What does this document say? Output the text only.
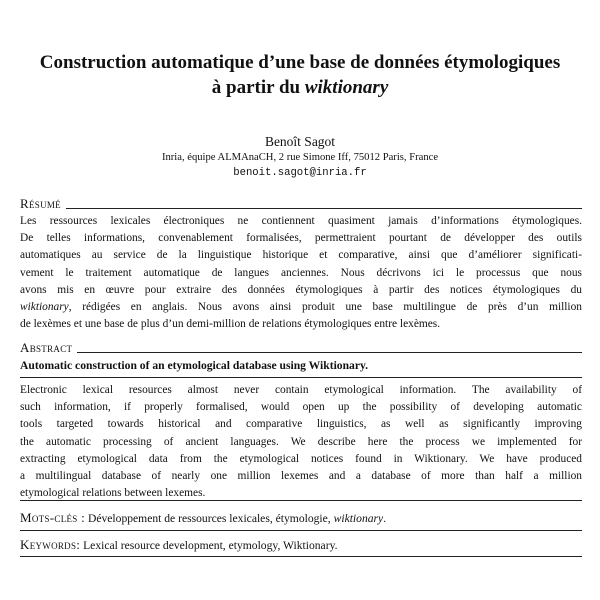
Construction automatique d’une base de données étymologiques
à partir du wiktionary
Benoît Sagot
Inria, équipe ALMAnaCH, 2 rue Simone Iff, 75012 Paris, France
benoit.sagot@inria.fr
Résumé
Les ressources lexicales électroniques ne contiennent quasiment jamais d’informations étymologiques.
De telles informations, convenablement formalisées, permettraient pourtant de développer des outils
automatiques au service de la linguistique historique et comparative, ainsi que d’améliorer significati-
vement le traitement automatique de langues anciennes. Nous décrivons ici le processus que nous
avons mis en œuvre pour extraire des données étymologiques à partir des notices étymologiques du
wiktionary, rédigées en anglais. Nous avons ainsi produit une base multilingue de près d’un million
de lexèmes et une base de plus d’un demi-million de relations étymologiques entre lexèmes.
Abstract
Automatic construction of an etymological database using Wiktionary.
Electronic lexical resources almost never contain etymological information. The availability of
such information, if properly formalised, would open up the possibility of developing automatic
tools targeted towards historical and comparative linguistics, as well as significantly improving
the automatic processing of ancient languages. We describe here the process we implemented for
extracting etymological data from the etymological notices found in Wiktionary. We have produced
a multilingual database of nearly one million lexemes and a database of more than half a million
etymological relations between lexemes.
Mots-clés : Développement de ressources lexicales, étymologie, wiktionary.
Keywords: Lexical resource development, etymology, Wiktionary.
